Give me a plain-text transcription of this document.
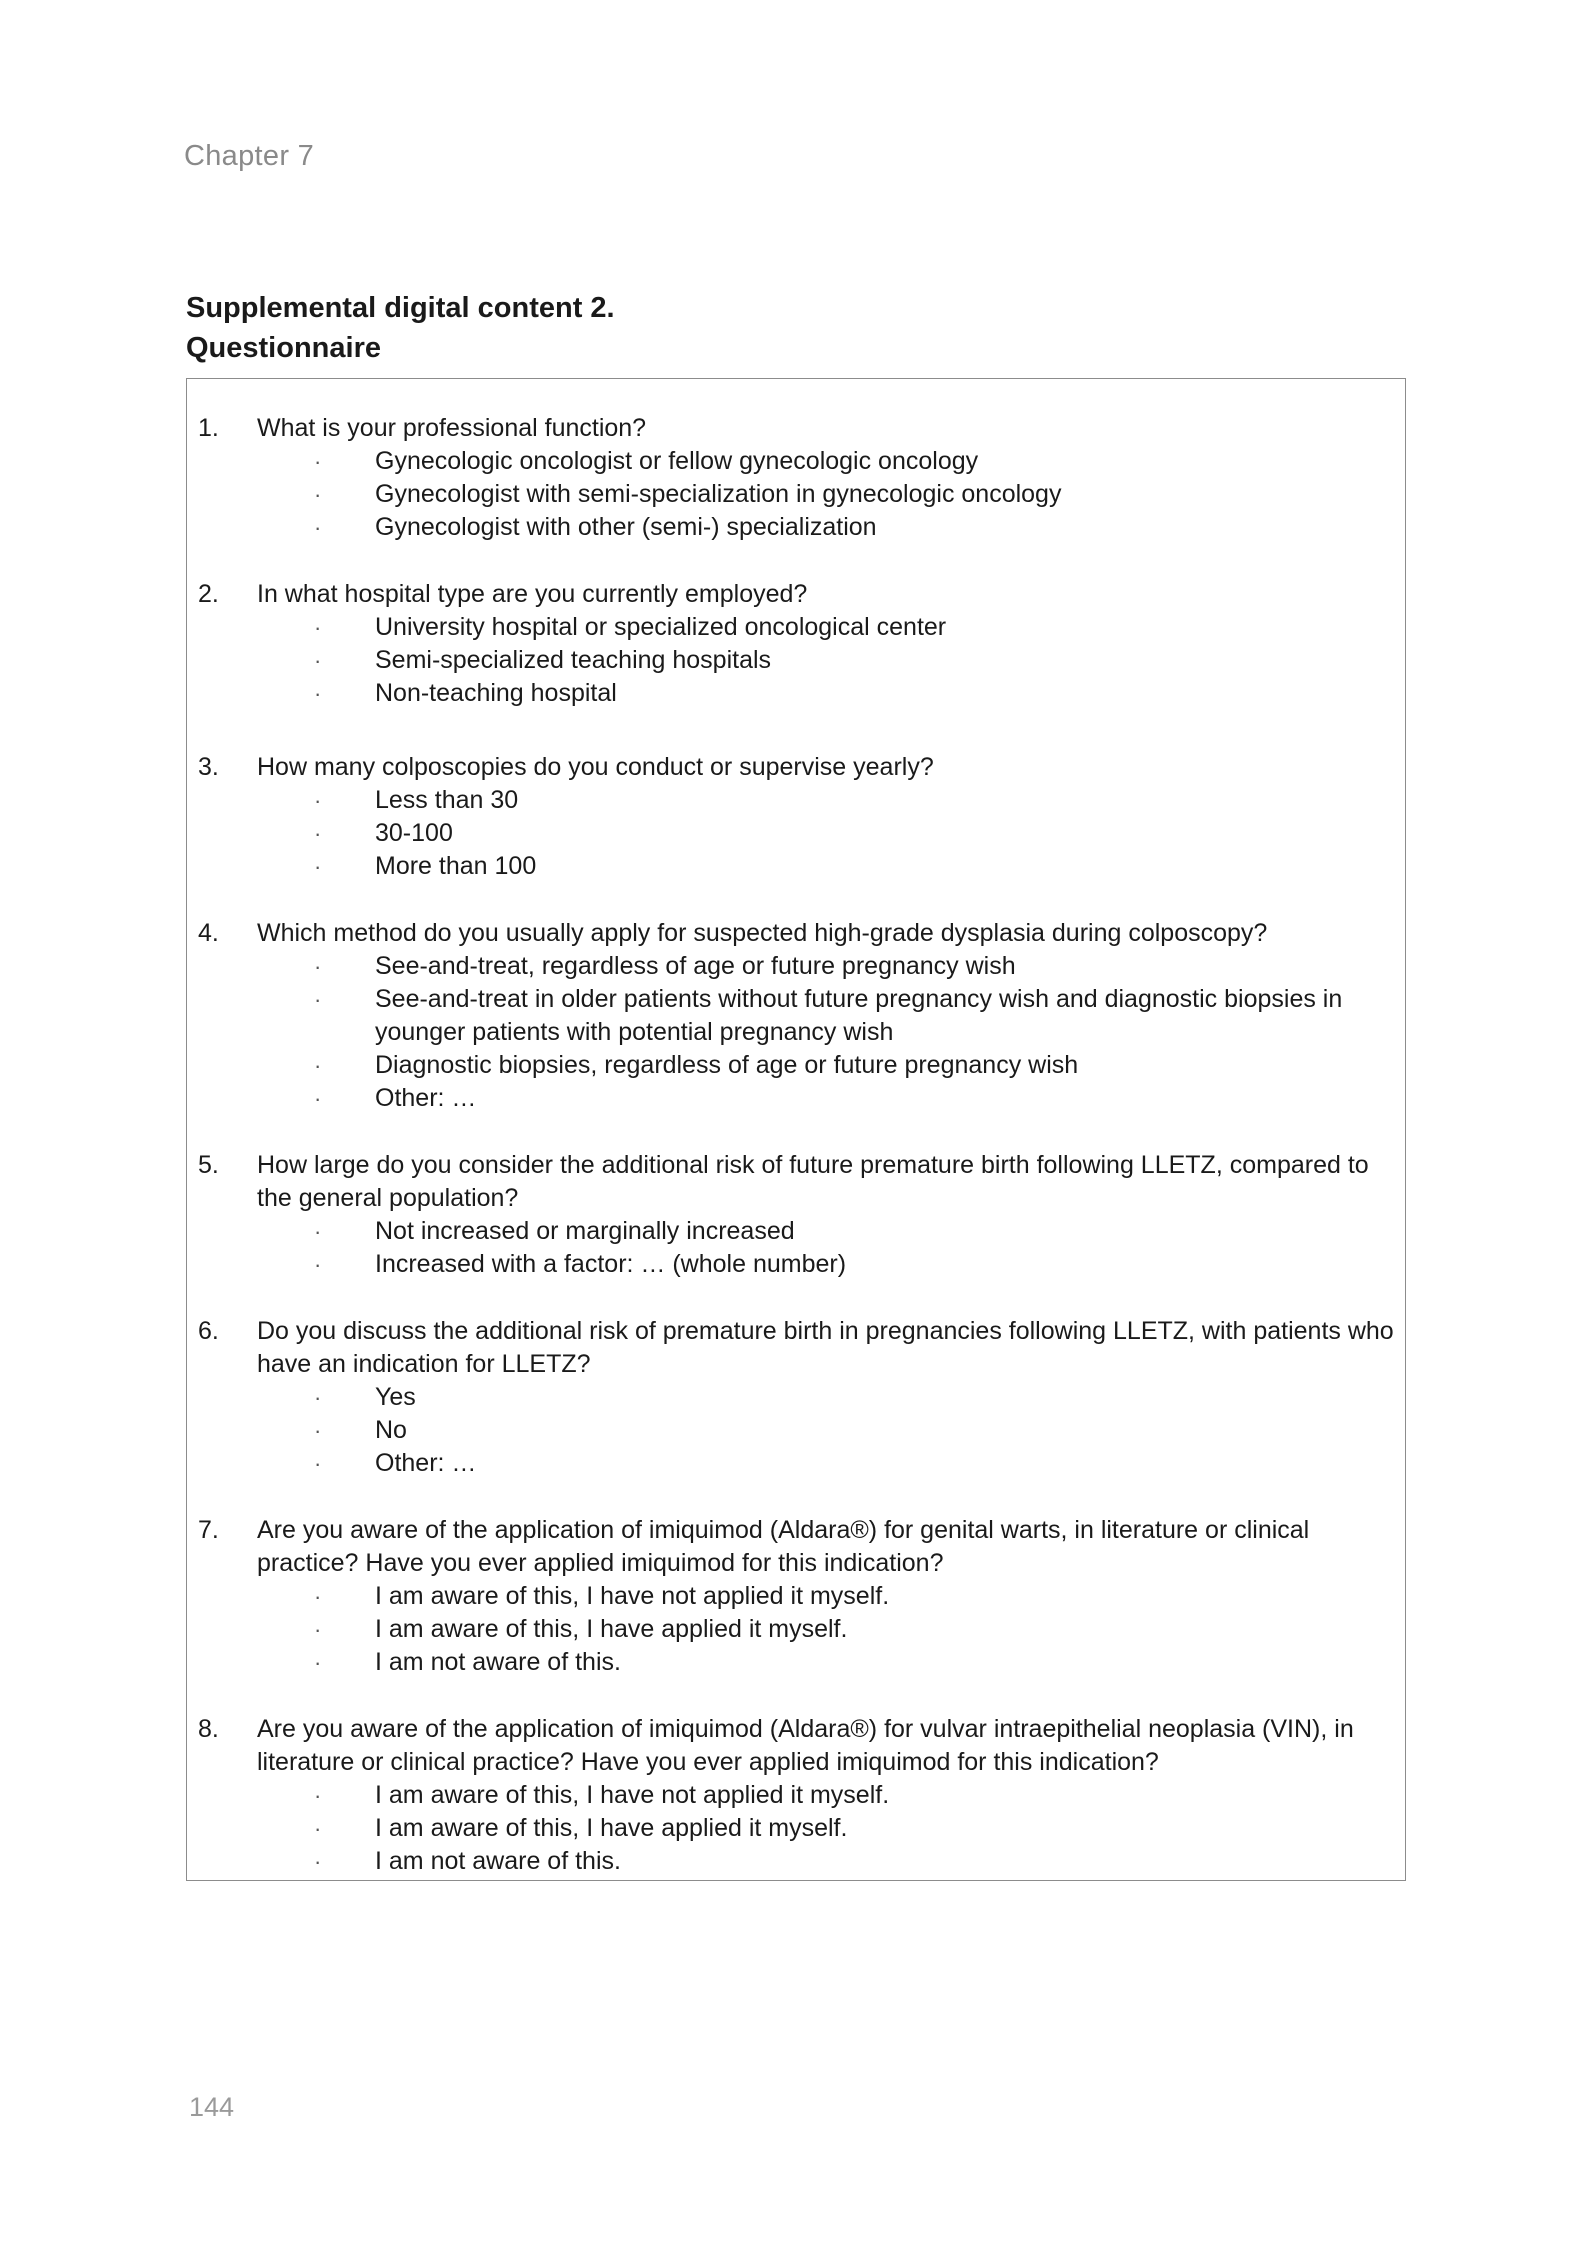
Chapter 7
Supplemental digital content 2.
Questionnaire
1. What is your professional function?
· Gynecologic oncologist or fellow gynecologic oncology
· Gynecologist with semi-specialization in gynecologic oncology
· Gynecologist with other (semi-) specialization
2. In what hospital type are you currently employed?
· University hospital or specialized oncological center
· Semi-specialized teaching hospitals
· Non-teaching hospital
3. How many colposcopies do you conduct or supervise yearly?
· Less than 30
· 30-100
· More than 100
4. Which method do you usually apply for suspected high-grade dysplasia during colposcopy?
· See-and-treat, regardless of age or future pregnancy wish
· See-and-treat in older patients without future pregnancy wish and diagnostic biopsies in younger patients with potential pregnancy wish
· Diagnostic biopsies, regardless of age or future pregnancy wish
· Other: …
5. How large do you consider the additional risk of future premature birth following LLETZ, compared to the general population?
· Not increased or marginally increased
· Increased with a factor: … (whole number)
6. Do you discuss the additional risk of premature birth in pregnancies following LLETZ, with patients who have an indication for LLETZ?
· Yes
· No
· Other: …
7. Are you aware of the application of imiquimod (Aldara®) for genital warts, in literature or clinical practice? Have you ever applied imiquimod for this indication?
· I am aware of this, I have not applied it myself.
· I am aware of this, I have applied it myself.
· I am not aware of this.
8. Are you aware of the application of imiquimod (Aldara®) for vulvar intraepithelial neoplasia (VIN), in literature or clinical practice? Have you ever applied imiquimod for this indication?
· I am aware of this, I have not applied it myself.
· I am aware of this, I have applied it myself.
· I am not aware of this.
144
